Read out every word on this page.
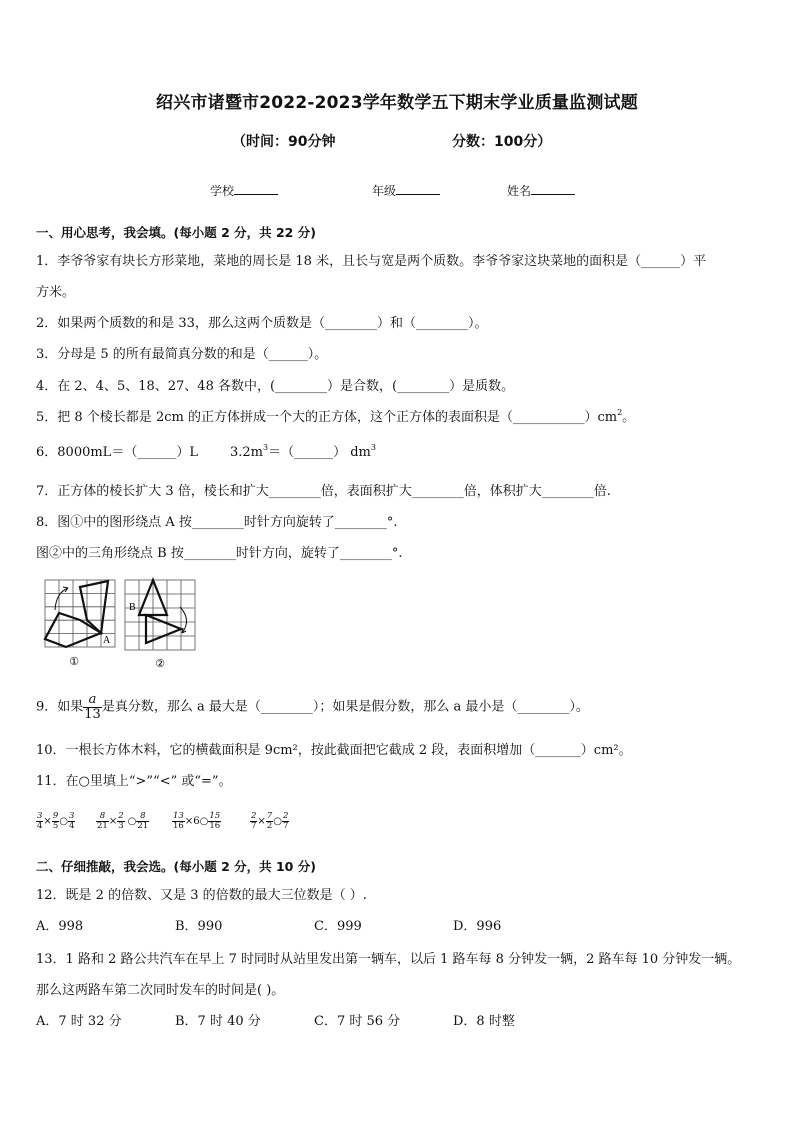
绍兴市诸暨市2022-2023学年数学五下期末学业质量监测试题
（时间：90分钟	分数：100分）
学校	年级	姓名
一、用心思考，我会填。(每小题 2 分，共 22 分)
1．李爷爷家有块长方形菜地，菜地的周长是 18 米，且长与宽是两个质数。李爷爷家这块菜地的面积是（______）平
方米。
2．如果两个质数的和是 33，那么这两个质数是（________）和（________）。
3．分母是 5 的所有最简真分数的和是（______）。
4．在 2、4、5、18、27、48 各数中，(________）是合数，(________）是质数。
5．把 8 个棱长都是 2cm 的正方体拼成一个大的正方体，这个正方体的表面积是$(\_\_\_\_\_\_\_\_\_\_\_)cm^2$。
6．8000mL＝（______）L $3.2m^3=(\_\_\_\_\_\_)$ $dm^3$
7．正方体的棱长扩大 3 倍，棱长和扩大________倍，表面积扩大________倍，体积扩大________倍.
8．图①中的图形绕点 A 按________时针方向旋转了________°.
图②中的三角形绕点 B 按________时针方向，旋转了________°.
A
①
B
②
9．如果 $\frac{a}{13}$ 是真分数，那么 a 最大是（________）；如果是假分数，那么 a 最小是（________）。
10．一根长方体木料，它的横截面积是 9cm²，按此截面把它截成 2 段，表面积增加（_______）cm²。
11．在○里填上“>”“<” 或“=”。
$\frac{3}{4} \times \frac{9}{5}$ ○ $\frac{3}{4} \frac{8}{21} \times \frac{2}{3}$ ○ $\frac{8}{21}$	$\frac{13}{16}$ ×6○ $\frac{15}{16}$	$\frac{2}{7} \times \frac{7}{2}$ ○ $\frac{2}{7}$
二、仔细推敲，我会选。(每小题 2 分，共 10 分)
12．既是 2 的倍数、又是 3 的倍数的最大三位数是（ ）.
A．998	B．990	C．999	D．996
13．1 路和 2 路公共汽车在早上 7 时同时从站里发出第一辆车，以后 1 路车每 8 分钟发一辆，2 路车每 10 分钟发一辆。
那么这两路车第二次同时发车的时间是( )。
A．7 时 32 分	B．7 时 40 分	C．7 时 56 分	D．8 时整
